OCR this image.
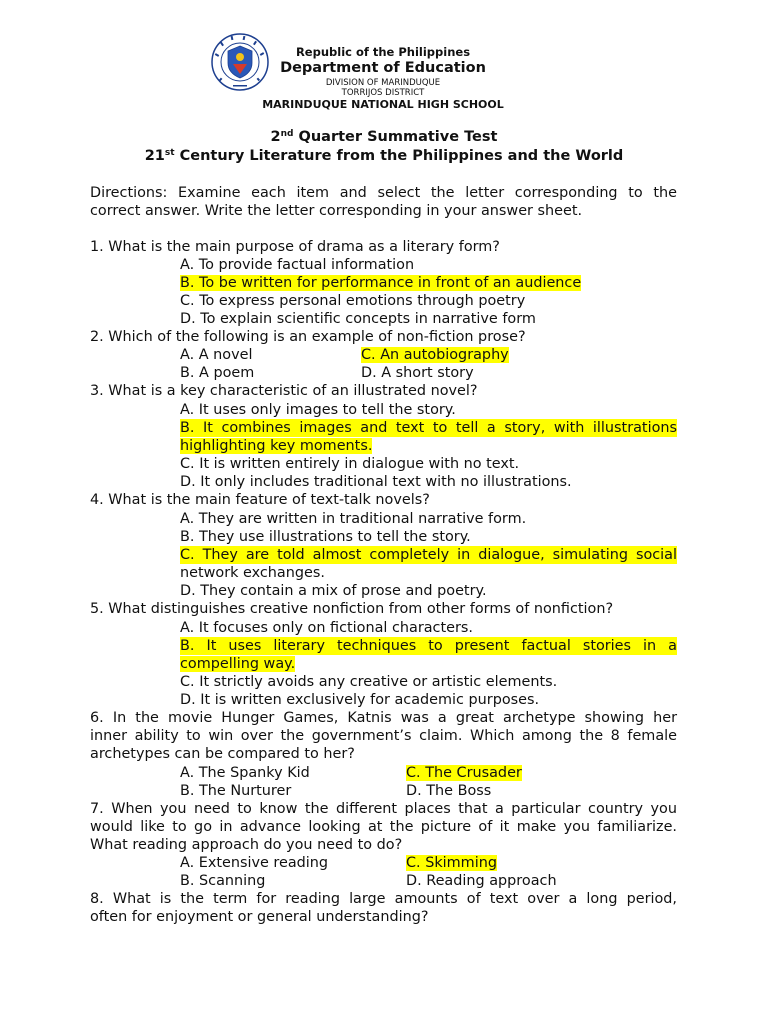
Republic of the Philippines
Department of Education
DIVISION OF MARINDUQUE
TORRIJOS DISTRICT
MARINDUQUE NATIONAL HIGH SCHOOL
2nd Quarter Summative Test
21st Century Literature from the Philippines and the World
Directions: Examine each item and select the letter corresponding to the
correct answer. Write the letter corresponding in your answer sheet.
1. What is the main purpose of drama as a literary form?
A. To provide factual information
B. To be written for performance in front of an audience
C. To express personal emotions through poetry
D. To explain scientific concepts in narrative form
2. Which of the following is an example of non-fiction prose?
A. A novel	C. An autobiography
B. A poem	D. A short story
3. What is a key characteristic of an illustrated novel?
A. It uses only images to tell the story.
B. It combines images and text to tell a story, with illustrations
highlighting key moments.
C. It is written entirely in dialogue with no text.
D. It only includes traditional text with no illustrations.
4. What is the main feature of text-talk novels?
A. They are written in traditional narrative form.
B. They use illustrations to tell the story.
C. They are told almost completely in dialogue, simulating social
network exchanges.
D. They contain a mix of prose and poetry.
5. What distinguishes creative nonfiction from other forms of nonfiction?
A. It focuses only on fictional characters.
B. It uses literary techniques to present factual stories in a
compelling way.
C. It strictly avoids any creative or artistic elements.
D. It is written exclusively for academic purposes.
6. In the movie Hunger Games, Katnis was a great archetype showing her
inner ability to win over the government’s claim. Which among the 8 female
archetypes can be compared to her?
A. The Spanky Kid	C. The Crusader
B. The Nurturer	D. The Boss
7. When you need to know the different places that a particular country you
would like to go in advance looking at the picture of it make you familiarize.
What reading approach do you need to do?
A. Extensive reading	C. Skimming
B. Scanning	D. Reading approach
8. What is the term for reading large amounts of text over a long period,
often for enjoyment or general understanding?
